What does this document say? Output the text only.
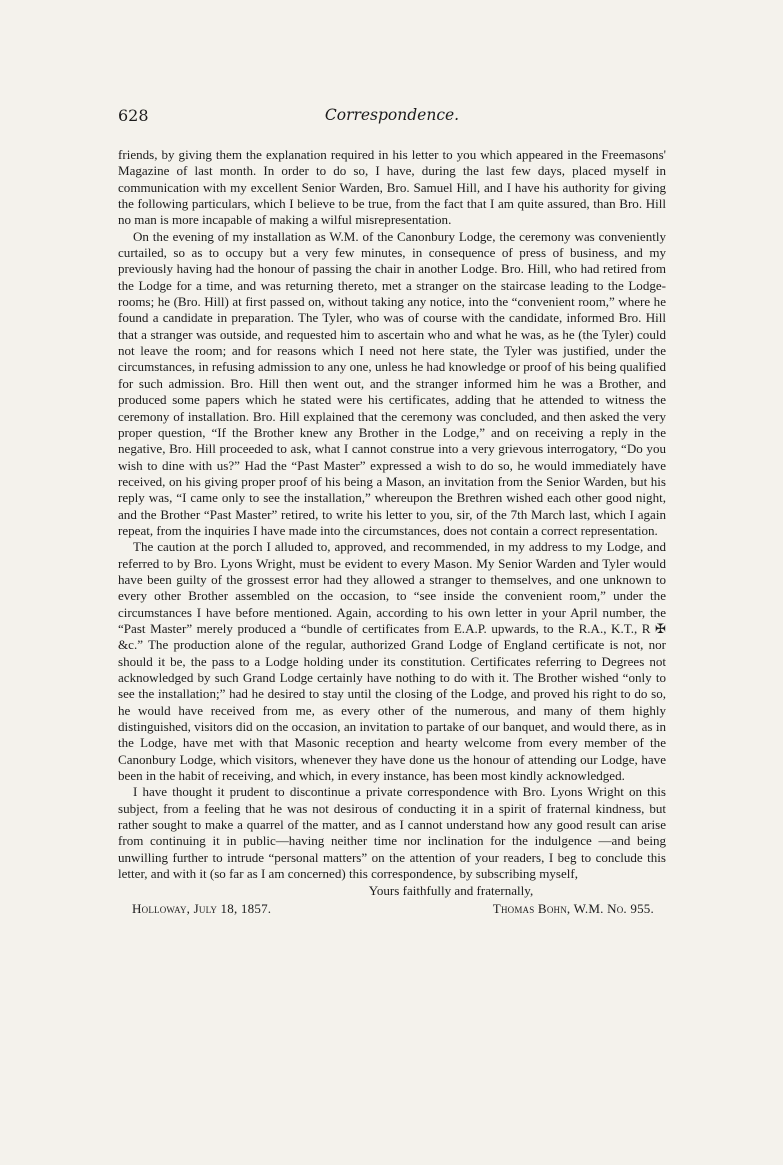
628	Correspondence.

friends, by giving them the explanation required in his letter to you which appeared in the Freemasons' Magazine of last month. In order to do so, I have, during the last few days, placed myself in communication with my excellent Senior Warden, Bro. Samuel Hill, and I have his authority for giving the following particulars, which I believe to be true, from the fact that I am quite assured, than Bro. Hill no man is more incapable of making a wilful misrepresentation.

On the evening of my installation as W.M. of the Canonbury Lodge, the ceremony was conveniently curtailed, so as to occupy but a very few minutes, in consequence of press of business, and my previously having had the honour of passing the chair in another Lodge. Bro. Hill, who had retired from the Lodge for a time, and was returning thereto, met a stranger on the staircase leading to the Lodge-rooms; he (Bro. Hill) at first passed on, without taking any notice, into the “convenient room,” where he found a candidate in preparation. The Tyler, who was of course with the candidate, informed Bro. Hill that a stranger was outside, and requested him to ascertain who and what he was, as he (the Tyler) could not leave the room; and for reasons which I need not here state, the Tyler was justified, under the circumstances, in refusing admission to any one, unless he had knowledge or proof of his being qualified for such admission. Bro. Hill then went out, and the stranger informed him he was a Brother, and produced some papers which he stated were his certificates, adding that he attended to witness the ceremony of installation. Bro. Hill explained that the ceremony was concluded, and then asked the very proper question, “If the Brother knew any Brother in the Lodge,” and on receiving a reply in the negative, Bro. Hill proceeded to ask, what I cannot construe into a very grievous interrogatory, “Do you wish to dine with us?” Had the “Past Master” expressed a wish to do so, he would immediately have received, on his giving proper proof of his being a Mason, an invitation from the Senior Warden, but his reply was, “I came only to see the installation,” whereupon the Brethren wished each other good night, and the Brother “Past Master” retired, to write his letter to you, sir, of the 7th March last, which I again repeat, from the inquiries I have made into the circumstances, does not contain a correct representation.

The caution at the porch I alluded to, approved, and recommended, in my address to my Lodge, and referred to by Bro. Lyons Wright, must be evident to every Mason. My Senior Warden and Tyler would have been guilty of the grossest error had they allowed a stranger to themselves, and one unknown to every other Brother assembled on the occasion, to “see inside the convenient room,” under the circumstances I have before mentioned. Again, according to his own letter in your April number, the “Past Master” merely produced a “bundle of certificates from E.A.P. upwards, to the R.A., K.T., R ✠ &c.” The production alone of the regular, authorized Grand Lodge of England certificate is not, nor should it be, the pass to a Lodge holding under its constitution. Certificates referring to Degrees not acknowledged by such Grand Lodge certainly have nothing to do with it. The Brother wished “only to see the installation;” had he desired to stay until the closing of the Lodge, and proved his right to do so, he would have received from me, as every other of the numerous, and many of them highly distinguished, visitors did on the occasion, an invitation to partake of our banquet, and would there, as in the Lodge, have met with that Masonic reception and hearty welcome from every member of the Canonbury Lodge, which visitors, whenever they have done us the honour of attending our Lodge, have been in the habit of receiving, and which, in every instance, has been most kindly acknowledged.

I have thought it prudent to discontinue a private correspondence with Bro. Lyons Wright on this subject, from a feeling that he was not desirous of conducting it in a spirit of fraternal kindness, but rather sought to make a quarrel of the matter, and as I cannot understand how any good result can arise from continuing it in public—having neither time nor inclination for the indulgence —and being unwilling further to intrude “personal matters” on the attention of your readers, I beg to conclude this letter, and with it (so far as I am concerned) this correspondence, by subscribing myself,

Yours faithfully and fraternally,

Holloway, July 18, 1857.	Thomas Bohn, W.M. No. 955.
